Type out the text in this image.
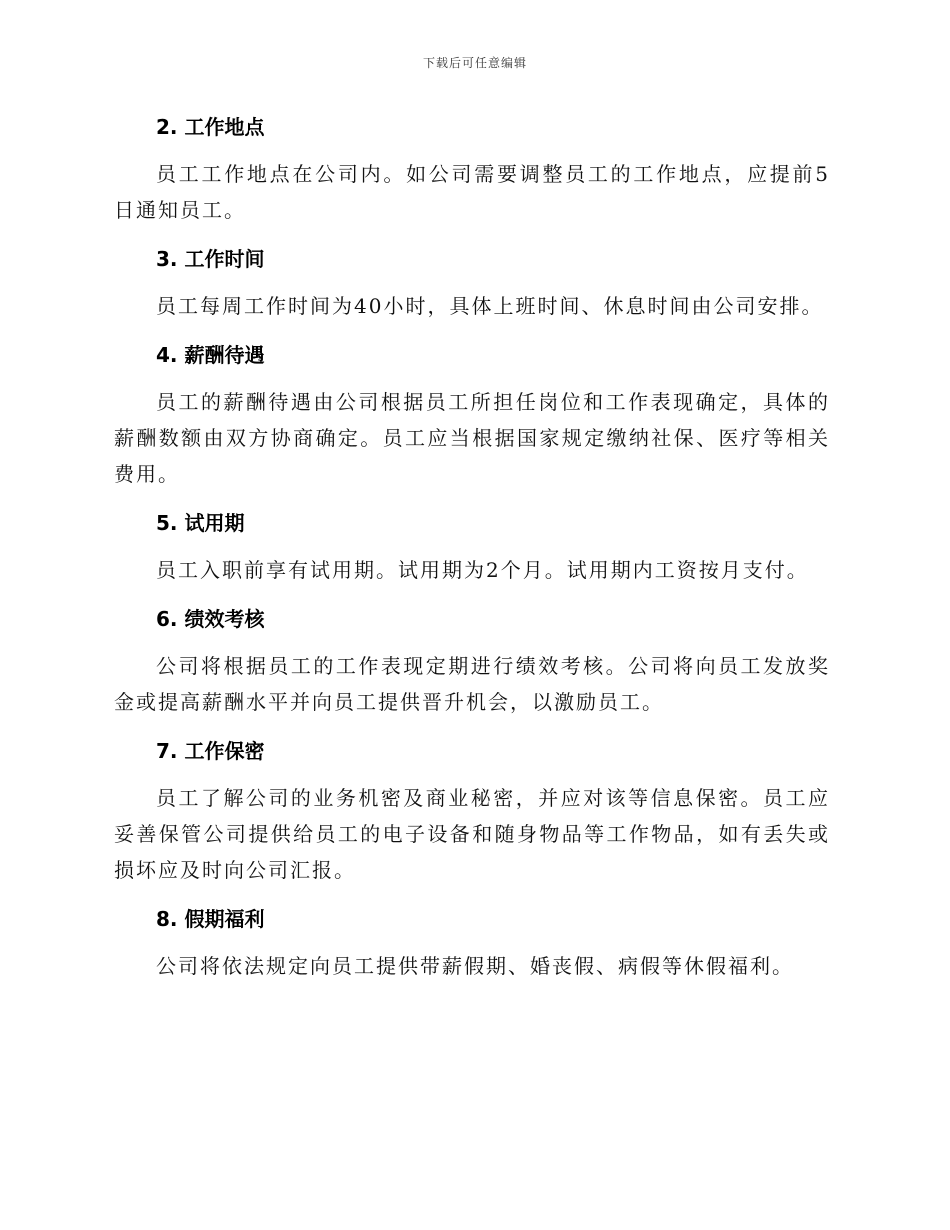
下载后可任意编辑
2. 工作地点

员工工作地点在公司内。如公司需要调整员工的工作地点，应提前5日通知员工。

3. 工作时间

员工每周工作时间为40小时，具体上班时间、休息时间由公司安排。

4. 薪酬待遇

员工的薪酬待遇由公司根据员工所担任岗位和工作表现确定，具体的薪酬数额由双方协商确定。员工应当根据国家规定缴纳社保、医疗等相关费用。

5. 试用期

员工入职前享有试用期。试用期为2个月。试用期内工资按月支付。

6. 绩效考核

公司将根据员工的工作表现定期进行绩效考核。公司将向员工发放奖金或提高薪酬水平并向员工提供晋升机会，以激励员工。

7. 工作保密

员工了解公司的业务机密及商业秘密，并应对该等信息保密。员工应妥善保管公司提供给员工的电子设备和随身物品等工作物品，如有丢失或损坏应及时向公司汇报。

8. 假期福利

公司将依法规定向员工提供带薪假期、婚丧假、病假等休假福利。
